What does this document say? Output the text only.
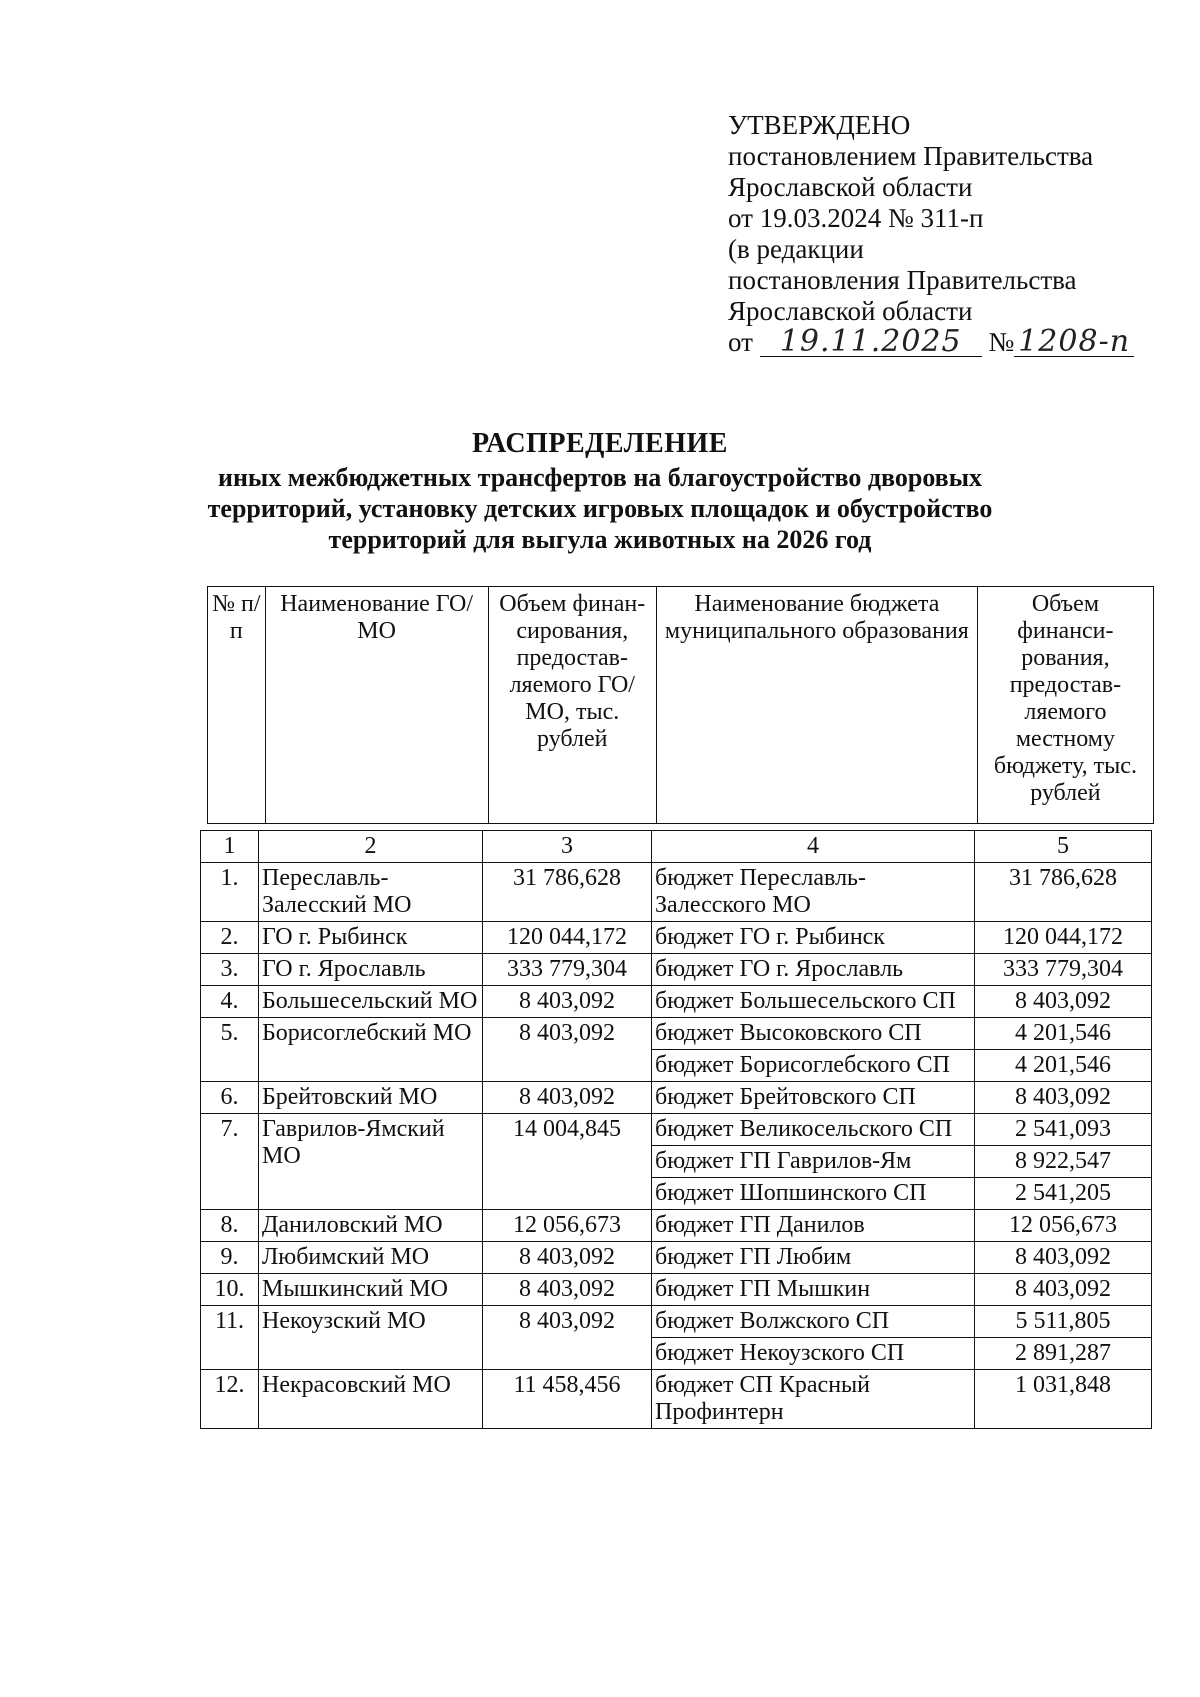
УТВЕРЖДЕНО
постановлением Правительства
Ярославской области
от 19.03.2024 № 311-п
(в редакции
постановления Правительства
Ярославской области
от 19.11.2025 № 1208-п
РАСПРЕДЕЛЕНИЕ
иных межбюджетных трансфертов на благоустройство дворовых
территорий, установку детских игровых площадок и обустройство
территорий для выгула животных на 2026 год
№ п/п	Наименование ГО/МО	Объем финан-сирования, предостав-ляемого ГО/МО, тыс. рублей	Наименование бюджета муниципального образования	Объем финанси-рования, предостав-ляемого местному бюджету, тыс. рублей
1	2	3	4	5
1.	Переславль-Залесский МО	31 786,628	бюджет Переславль-Залесского МО	31 786,628
2.	ГО г. Рыбинск	120 044,172	бюджет ГО г. Рыбинск	120 044,172
3.	ГО г. Ярославль	333 779,304	бюджет ГО г. Ярославль	333 779,304
4.	Большесельский МО	8 403,092	бюджет Большесельского СП	8 403,092
5.	Борисоглебский МО	8 403,092	бюджет Высоковского СП	4 201,546
			бюджет Борисоглебского СП	4 201,546
6.	Брейтовский МО	8 403,092	бюджет Брейтовского СП	8 403,092
7.	Гаврилов-Ямский МО	14 004,845	бюджет Великосельского СП	2 541,093
			бюджет ГП Гаврилов-Ям	8 922,547
			бюджет Шопшинского СП	2 541,205
8.	Даниловский МО	12 056,673	бюджет ГП Данилов	12 056,673
9.	Любимский МО	8 403,092	бюджет ГП Любим	8 403,092
10.	Мышкинский МО	8 403,092	бюджет ГП Мышкин	8 403,092
11.	Некоузский МО	8 403,092	бюджет Волжского СП	5 511,805
			бюджет Некоузского СП	2 891,287
12.	Некрасовский МО	11 458,456	бюджет СП Красный Профинтерн	1 031,848
